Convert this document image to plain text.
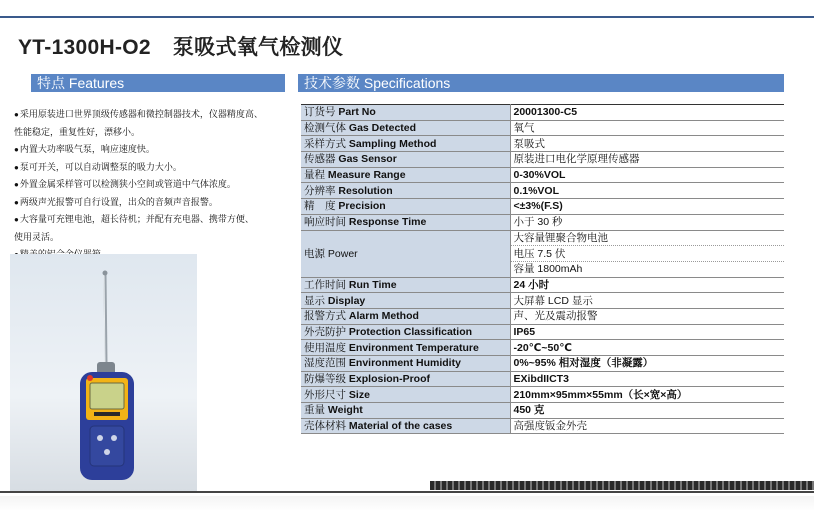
YT-1300H-O2 泵吸式氧气检测仪
特点 Features	技术参数 Specifications
● 采用原装进口世界顶级传感器和微控制器技术，仪器精度高、
性能稳定，重复性好，漂移小。
● 内置大功率吸气泵，响应速度快。
● 泵可开关，可以自动调整泵的吸力大小。
● 外置金属采样管可以检测狭小空间或管道中气体浓度。
● 两级声光报警可自行设置，出众的音频声音报警。
● 大容量可充锂电池，超长待机；并配有充电器、携带方便、
使用灵活。
●
订货号 Part No	20001300-C5
检测气体 Gas Detected	氧气
采样方式 Sampling Method	泵吸式
传感器 Gas Sensor	原装进口电化学原理传感器
量程 Measure Range	0-30%VOL
分辨率 Resolution	0.1%VOL
精　度 Precision	<±3%(F.S)
响应时间 Response Time	小于 30 秒
电源 Power	大容量锂聚合物电池
	电压 7.5 伏
	容量 1800mAh
工作时间 Run Time	24 小时
显示 Display	大屏幕 LCD 显示
报警方式 Alarm Method	声、光及震动报警
外壳防护 Protection Classification	IP65
使用温度 Environment Temperature	-20℃~50℃
湿度范围 Environment Humidity	0%~95% 相对湿度（非凝露）
防爆等级 Explosion-Proof	EXibdIICT3
外形尺寸 Size	210mm×95mm×55mm（长×宽×高）
重量 Weight	450 克
壳体材料 Material of the cases	高强度钣金外壳
